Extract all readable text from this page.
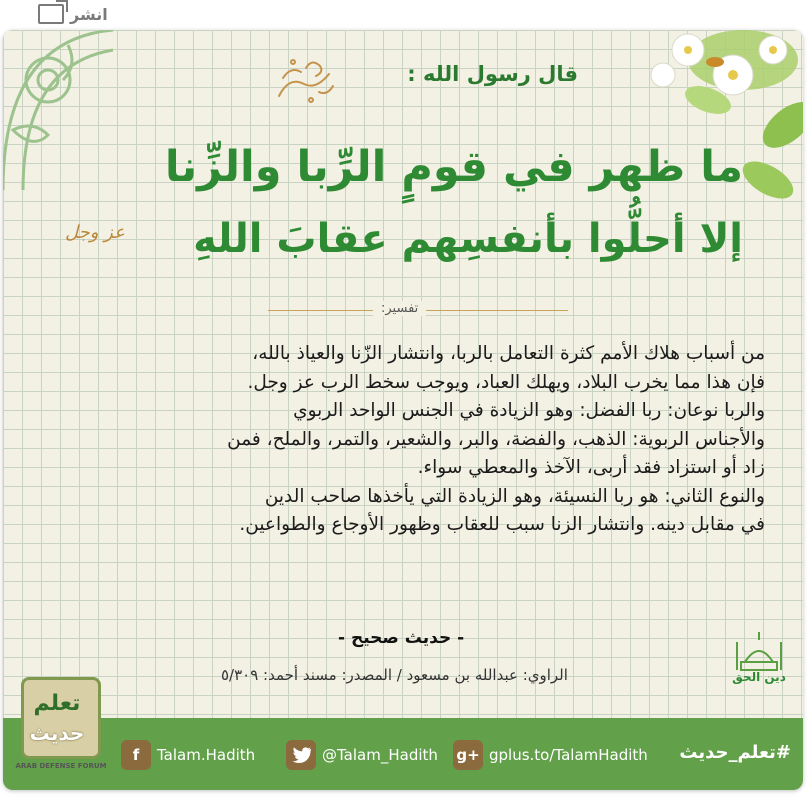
انشر
قال رسول الله :
ما ظهر في قومٍ الرِّبا والزِّنا
إلا أحلُّوا بأنفسِهم عقابَ اللهِ
عز وجل
تفسير:

من أسباب هلاك الأمم كثرة التعامل بالربا، وانتشار الزّنا والعياذ بالله،

فإن هذا مما يخرب البلاد، ويهلك العباد، ويوجب سخط الرب عز وجل.

والربا نوعان: ربا الفضل: وهو الزيادة في الجنس الواحد الربوي

والأجناس الربوية: الذهب، والفضة، والبر، والشعير، والتمر، والملح، فمن

زاد أو استزاد فقد أربى، الآخذ والمعطي سواء.

والنوع الثاني: هو ربا النسيئة، وهو الزيادة التي يأخذها صاحب الدين

في مقابل دينه. وانتشار الزنا سبب للعقاب وظهور الأوجاع والطواعين.

- حديث صحيح -
الراوي: عبدالله بن مسعود / المصدر: مسند أحمد: ٥/٣٠٩	دين الحق
f	Talam.Hadith	@Talam_Hadith g+ gplus.to/TalamHadith #تعلم_حديث
تعلم
حديث
ARAB DEFENSE FORUM
